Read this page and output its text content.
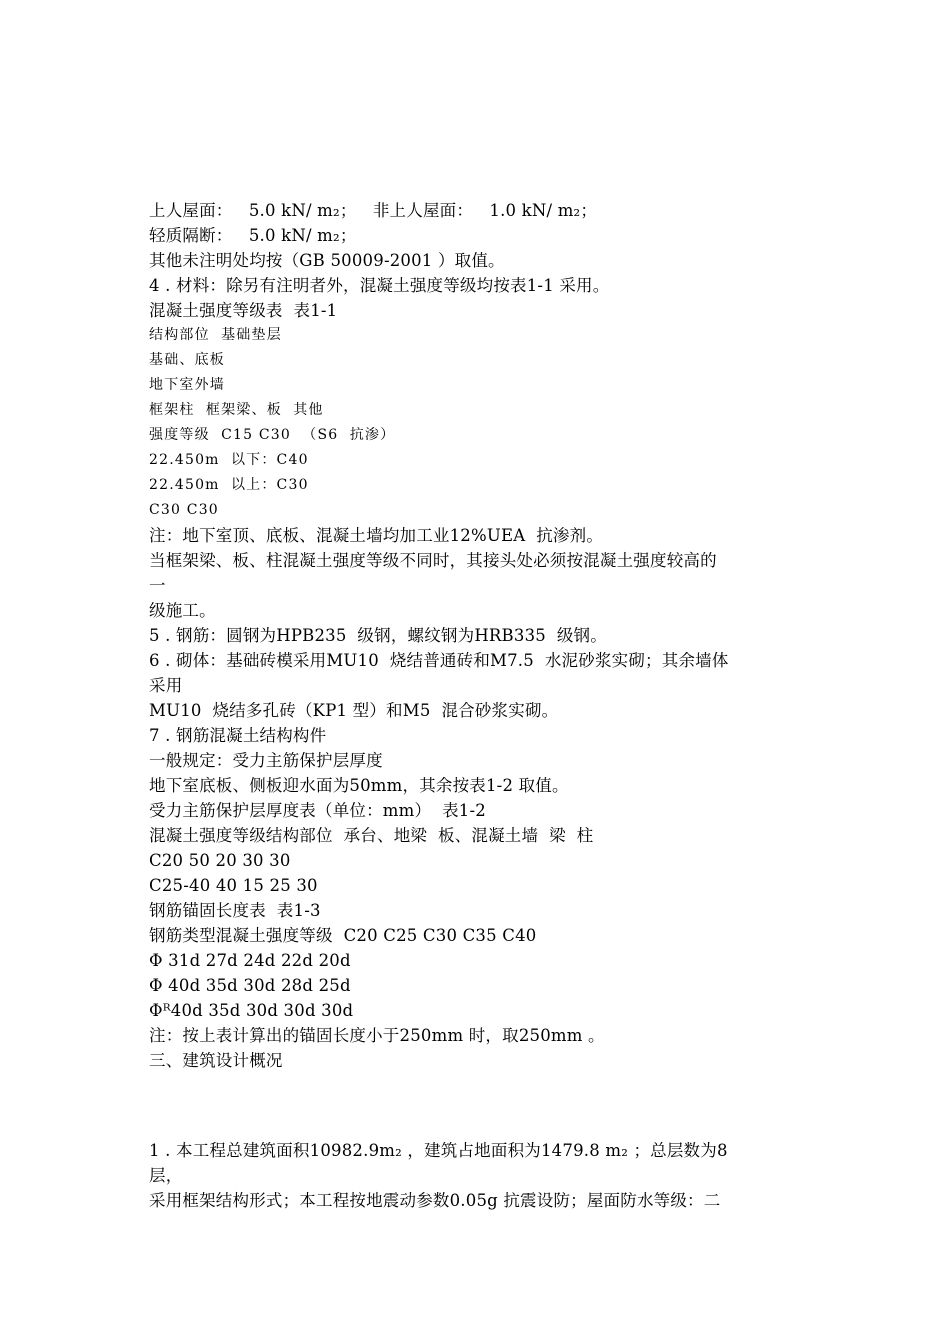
上人屋面：   5.0 kN/ m₂；   非上人屋面：   1.0 kN/ m₂；
轻质隔断：   5.0 kN/ m₂；
其他未注明处均按（GB 50009-2001 ）取值。
4 . 材料：除另有注明者外，混凝土强度等级均按表1-1 采用。
混凝土强度等级表  表1-1
结构部位  基础垫层
基础、底板
地下室外墙
框架柱  框架梁、板  其他
强度等级  C15 C30  （S6  抗渗）
22.450m  以下：C40
22.450m  以上：C30
C30 C30
注：地下室顶、底板、混凝土墙均加工业12%UEA  抗渗剂。
当框架梁、板、柱混凝土强度等级不同时，其接头处必须按混凝土强度较高的
一
级施工。
5 . 钢筋：圆钢为HPB235  级钢，螺纹钢为HRB335  级钢。
6 . 砌体：基础砖模采用MU10  烧结普通砖和M7.5  水泥砂浆实砌；其余墙体
采用
MU10  烧结多孔砖（KP1 型）和M5  混合砂浆实砌。
7 . 钢筋混凝土结构构件
一般规定：受力主筋保护层厚度
地下室底板、侧板迎水面为50mm，其余按表1-2 取值。
受力主筋保护层厚度表（单位：mm）  表1-2
混凝土强度等级结构部位  承台、地梁  板、混凝土墙  梁  柱
C20 50 20 30 30
C25-40 40 15 25 30
钢筋锚固长度表  表1-3
钢筋类型混凝土强度等级  C20 C25 C30 C35 C40
Φ 31d 27d 24d 22d 20d
Φ 40d 35d 30d 28d 25d
Φᴿ40d 35d 30d 30d 30d
注：按上表计算出的锚固长度小于250mm 时，取250mm 。
三、建筑设计概况
1 . 本工程总建筑面积10982.9m₂ ，建筑占地面积为1479.8 m₂ ；总层数为8
层，
采用框架结构形式；本工程按地震动参数0.05g 抗震设防；屋面防水等级：二
